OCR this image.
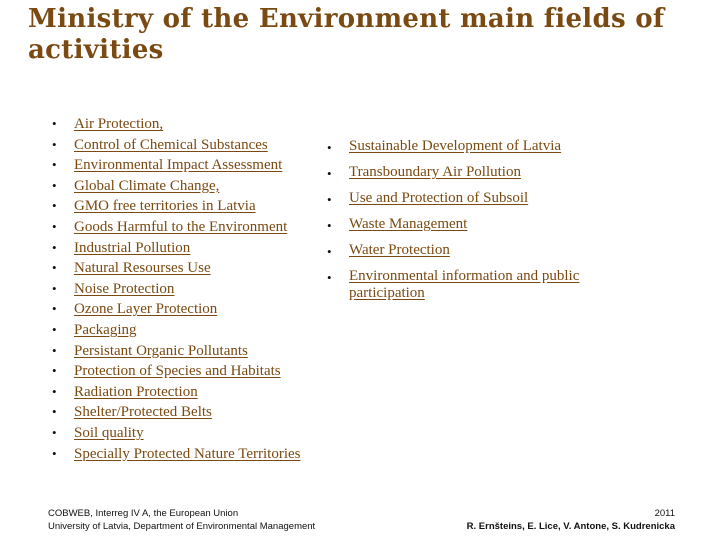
Ministry of the Environment main fields of activities
• Air Protection,
• Control of Chemical Substances
• Environmental Impact Assessment
• Global Climate Change,
• GMO free territories in Latvia
• Goods Harmful to the Environment
• Industrial Pollution
• Natural Resourses Use
• Noise Protection
• Ozone Layer Protection
• Packaging
• Persistant Organic Pollutants
• Protection of Species and Habitats
• Radiation Protection
• Shelter/Protected Belts
• Soil quality
• Specially Protected Nature Territories
• Sustainable Development of Latvia
• Transboundary Air Pollution
• Use and Protection of Subsoil
• Waste Management
• Water Protection
• Environmental information and public participation
COBWEB, Interreg IV A, the European Union
University of Latvia, Department of Environmental Management
2011
R. Ernšteins, E. Lice, V. Antone, S. Kudrenicka
